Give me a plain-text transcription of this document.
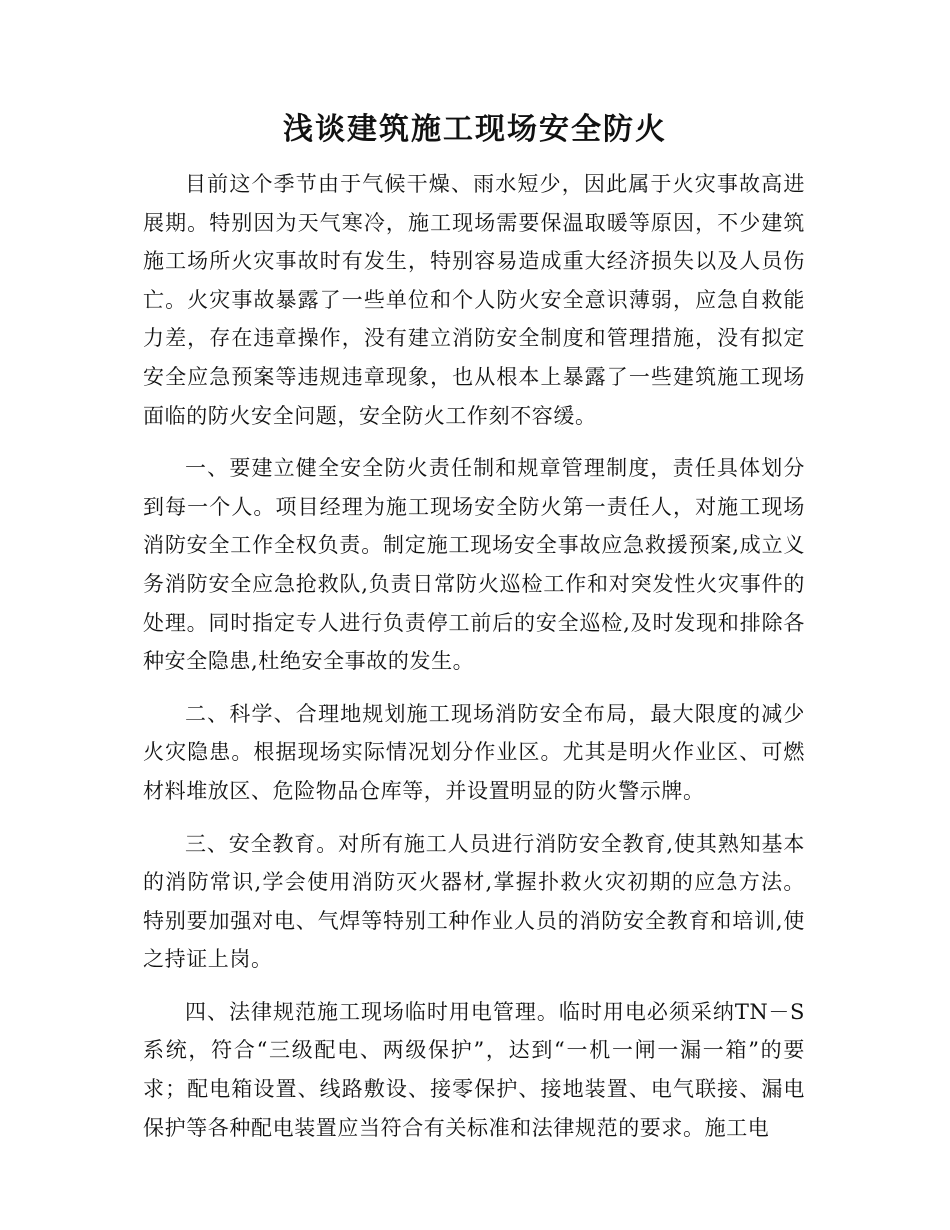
浅谈建筑施工现场安全防火

目前这个季节由于气候干燥、雨水短少，因此属于火灾事故高进展期。特别因为天气寒冷，施工现场需要保温取暖等原因，不少建筑施工场所火灾事故时有发生，特别容易造成重大经济损失以及人员伤亡。火灾事故暴露了一些单位和个人防火安全意识薄弱，应急自救能力差，存在违章操作，没有建立消防安全制度和管理措施，没有拟定安全应急预案等违规违章现象，也从根本上暴露了一些建筑施工现场面临的防火安全问题，安全防火工作刻不容缓。

一、要建立健全安全防火责任制和规章管理制度，责任具体划分到每一个人。项目经理为施工现场安全防火第一责任人，对施工现场消防安全工作全权负责。制定施工现场安全事故应急救援预案,成立义务消防安全应急抢救队,负责日常防火巡检工作和对突发性火灾事件的处理。同时指定专人进行负责停工前后的安全巡检,及时发现和排除各种安全隐患,杜绝安全事故的发生。

二、科学、合理地规划施工现场消防安全布局，最大限度的减少火灾隐患。根据现场实际情况划分作业区。尤其是明火作业区、可燃材料堆放区、危险物品仓库等，并设置明显的防火警示牌。

三、安全教育。对所有施工人员进行消防安全教育,使其熟知基本的消防常识,学会使用消防灭火器材,掌握扑救火灾初期的应急方法。特别要加强对电、气焊等特别工种作业人员的消防安全教育和培训,使之持证上岗。

四、法律规范施工现场临时用电管理。临时用电必须采纳TN－S系统，符合“三级配电、两级保护”，达到“一机一闸一漏一箱”的要求；配电箱设置、线路敷设、接零保护、接地装置、电气联接、漏电保护等各种配电装置应当符合有关标准和法律规范的要求。施工电
